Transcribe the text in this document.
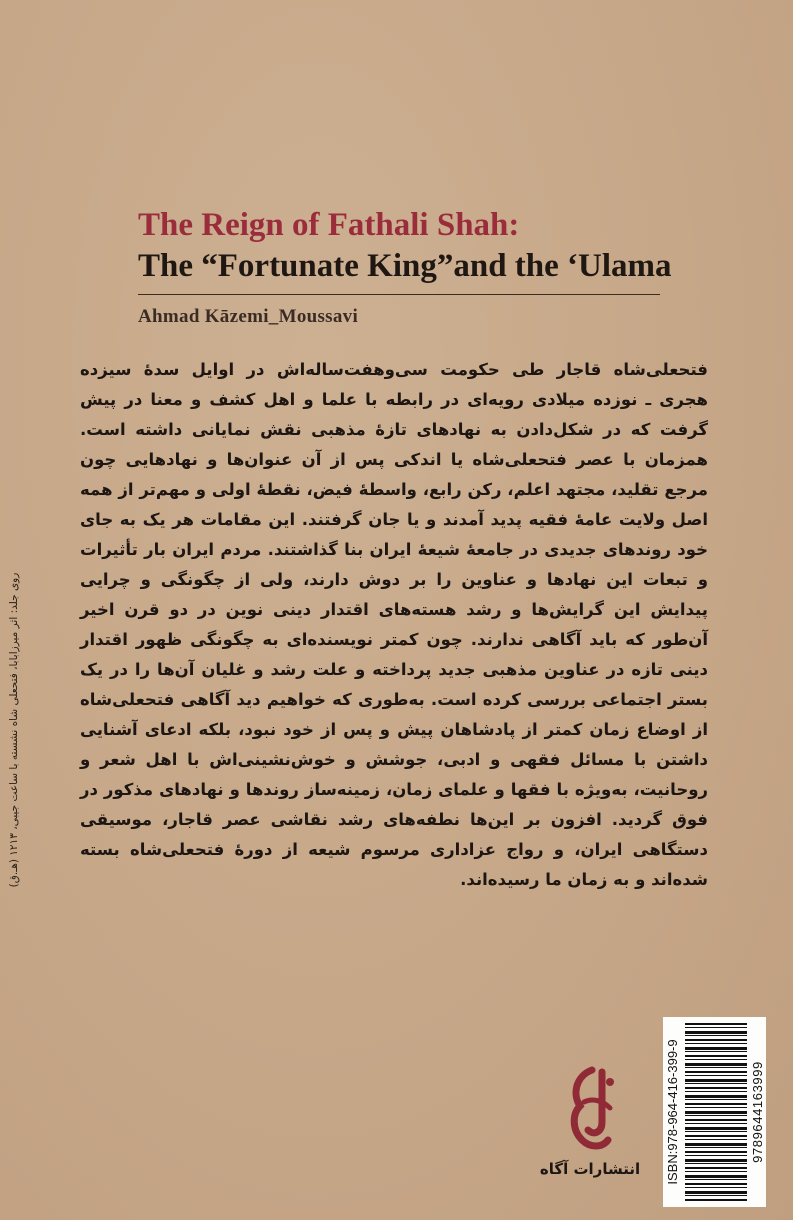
The Reign of Fathali Shah:

The “Fortunate King”and the ‘Ulama

Ahmad Kāzemi_Moussavi
فتحعلی‌شاه قاجار طی حکومت سی‌وهفت‌ساله‌اش در اوایل سدهٔ سیزده هجری ـ نوزده میلادی رویه‌ای در رابطه با علما و اهل کشف و معنا در پیش گرفت که در شکل‌دادن به نهادهای تازهٔ مذهبی نقش نمایانی داشته است. همزمان با عصر فتحعلی‌شاه یا اندکی پس از آن عنوان‌ها و نهادهایی چون مرجع تقلید، مجتهد اعلم، رکن رابع، واسطهٔ فیض، نقطهٔ اولی و مهم‌تر از همه اصل ولایت عامهٔ فقیه پدید آمدند و یا جان گرفتند. این مقامات هر یک به جای خود روندهای جدیدی در جامعهٔ شیعهٔ ایران بنا گذاشتند. مردم ایران بار تأثیرات و تبعات این نهادها و عناوین را بر دوش دارند، ولی از چگونگی و چرایی پیدایش این گرایش‌ها و رشد هسته‌های اقتدار دینی نوین در دو قرن اخیر آن‌طور که باید آگاهی ندارند. چون کمتر نویسنده‌ای به چگونگی ظهور اقتدار دینی تازه در عناوین مذهبی جدید پرداخته و علت رشد و غلیان آن‌ها را در یک بستر اجتماعی بررسی کرده است. به‌طوری که خواهیم دید آگاهی فتحعلی‌شاه از اوضاع زمان کمتر از پادشاهان پیش و پس از خود نبود، بلکه ادعای آشنایی داشتن با مسائل فقهی و ادبی، جوشش و خوش‌نشینی‌اش با اهل شعر و روحانیت، به‌ویژه با فقها و علمای زمان، زمینه‌ساز روندها و نهادهای مذکور در فوق گردید. افزون بر این‌ها نطفه‌های رشد نقاشی عصر قاجار، موسیقی دستگاهی ایران، و رواج عزاداری مرسوم شیعه از دورهٔ فتحعلی‌شاه بسته شده‌اند و به زمان ما رسیده‌اند.
روی جلد: اثر میرزابابا، فتحعلی شاه نشسته با ساعت جیبی، ۱۲۱۳ (هـ.ق)
ISBN:978-964-416-399-9	9789644163999
انتشارات آگاه
